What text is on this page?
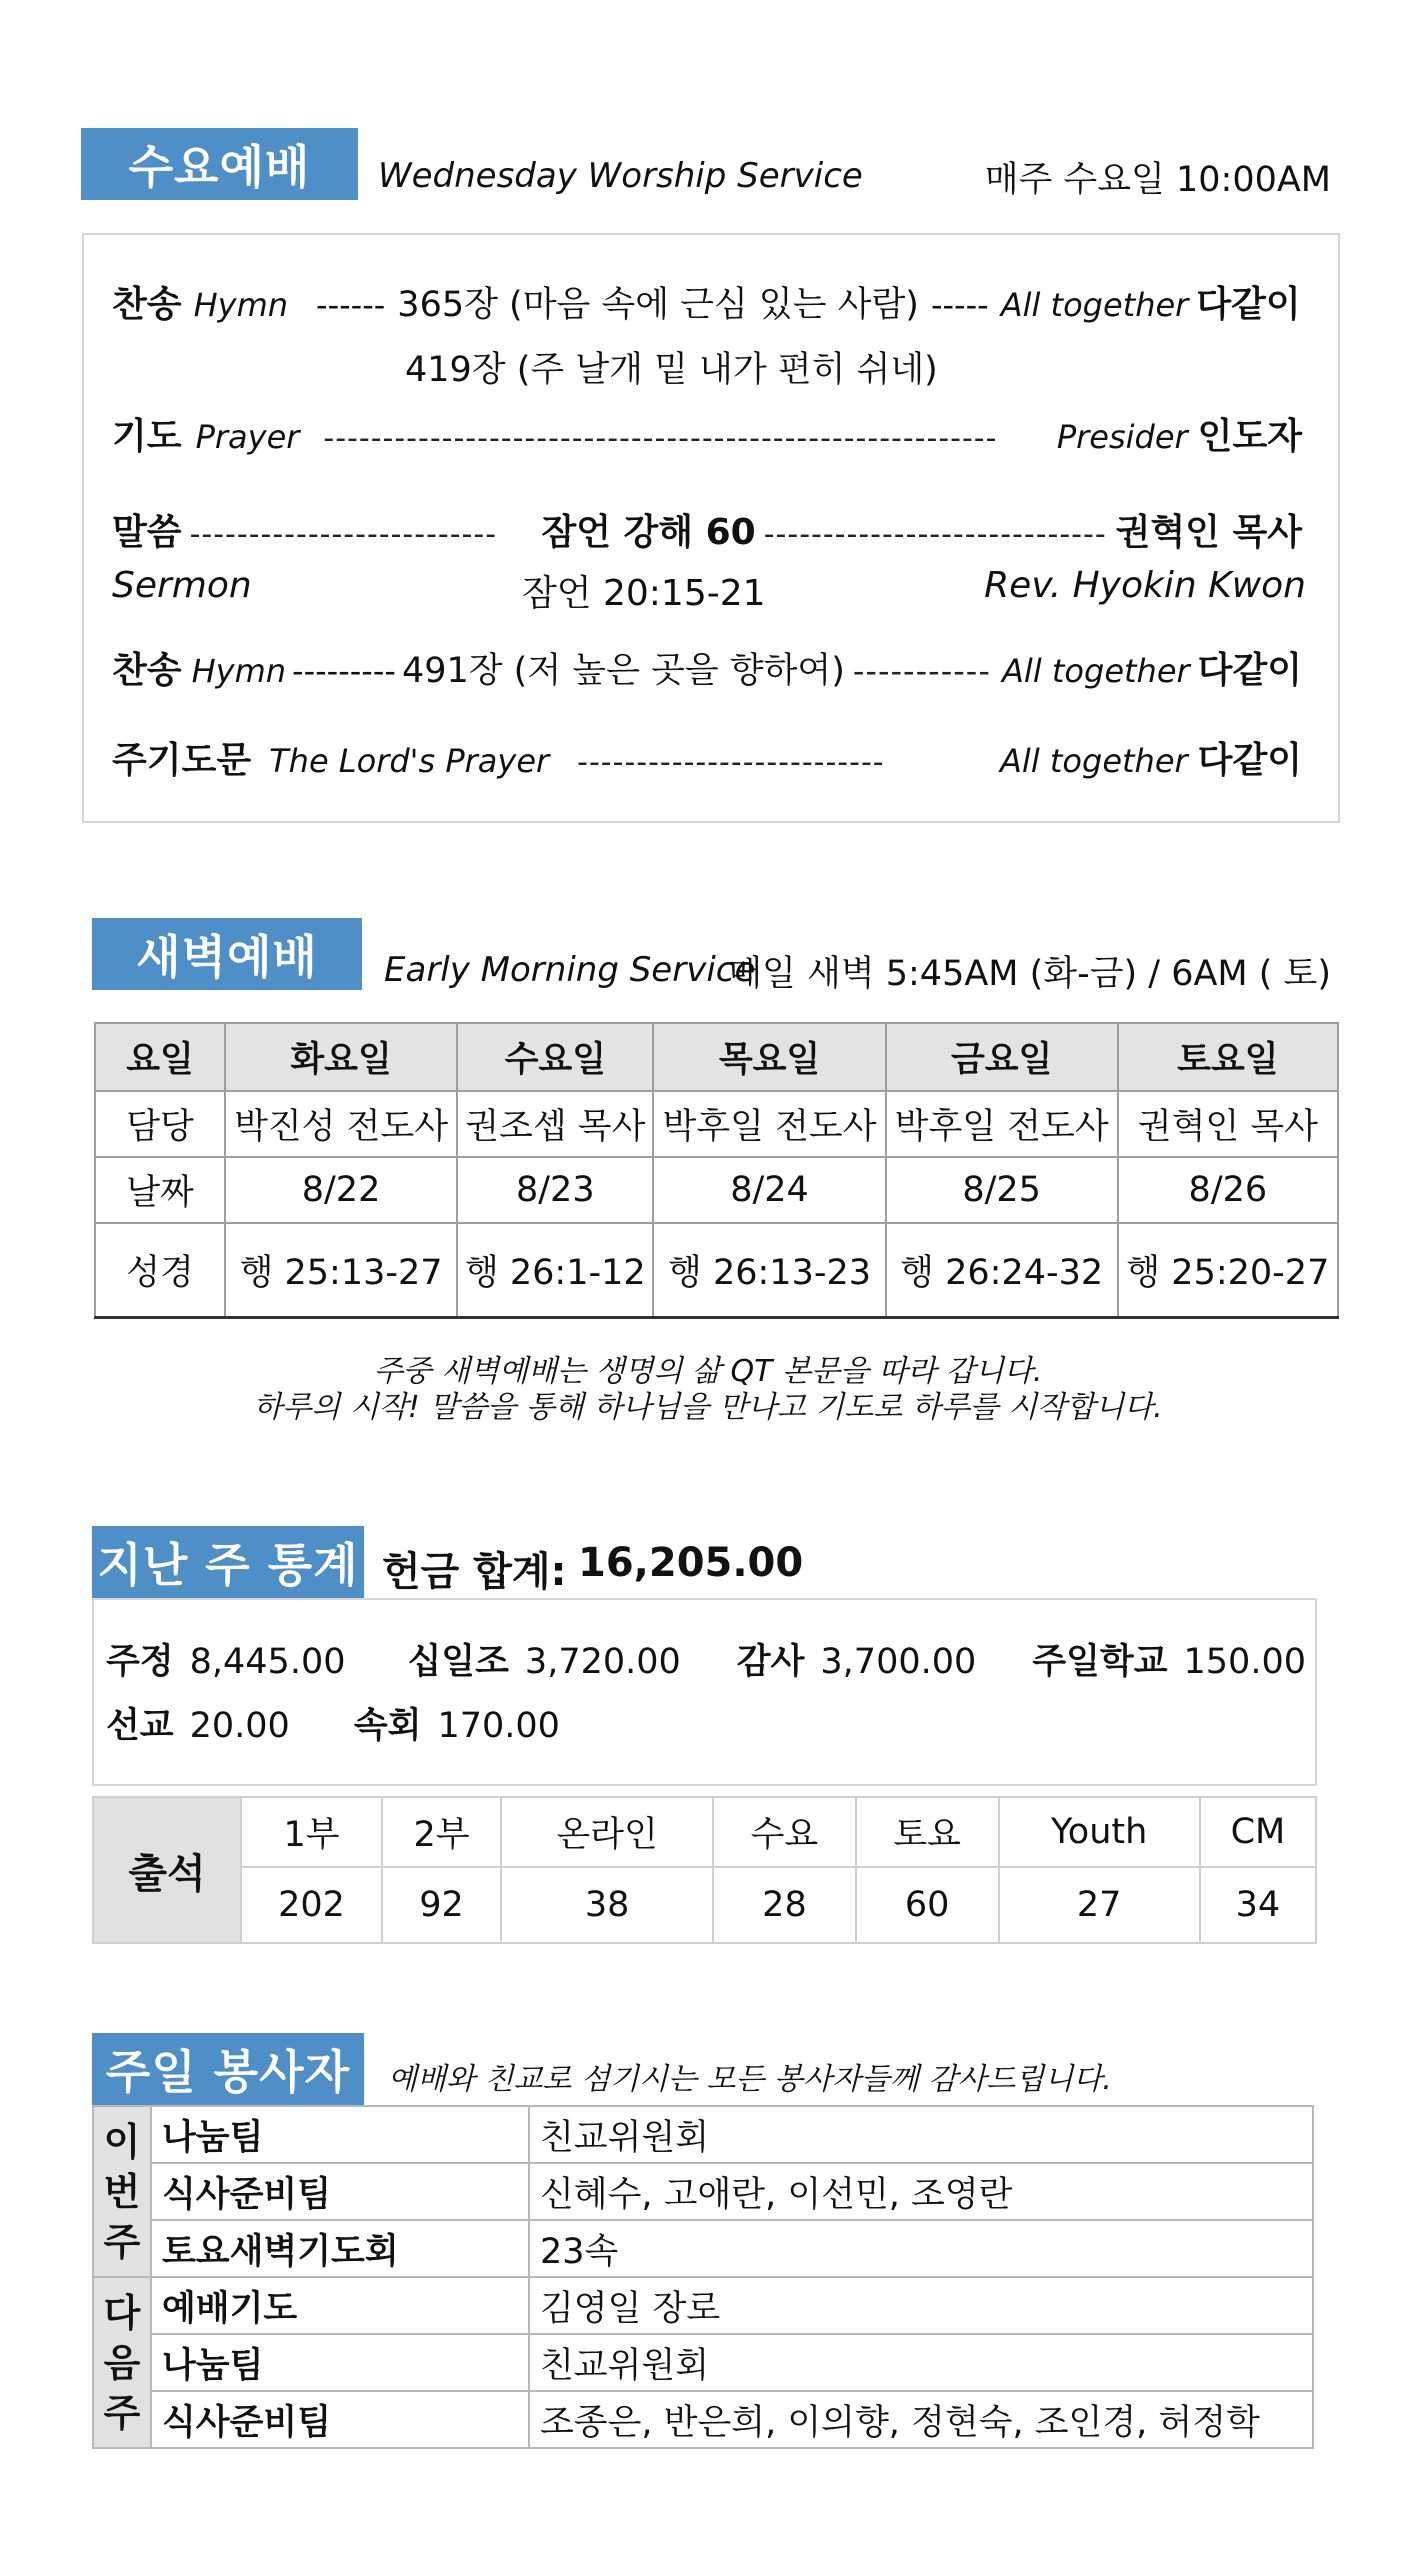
수요예배	Wednesday Worship Service	매주 수요일 10:00AM
찬송 Hymn ------ 365장 (마음 속에 근심 있는 사람) ----- All together 다같이
419장 (주 날개 밑 내가 편히 쉬네)
기도 Prayer ---------------------------------------------------------	Presider 인도자
말씀 --------------------------	잠언 강해 60 ----------------------------- 권혁인 목사
Sermon	잠언 20:15-21	Rev. Hyokin Kwon
찬송 Hymn --------- 491장 (저 높은 곳을 향하여) ----------- All together 다같이
주기도문 The Lord's Prayer --------------------------	All together 다같이
새벽예배	Early Morning Service
매일 새벽 5:45AM (화-금) / 6AM ( 토)
요일	화요일	수요일	목요일	금요일	토요일
담당	박진성 전도사	권조셉 목사	박후일 전도사	박후일 전도사	권혁인 목사
날짜	8/22	8/23	8/24	8/25	8/26
성경	행 25:13-27	행 26:1-12	행 26:13-23	행 26:24-32	행 25:20-27
주중 새벽예배는 생명의 삶 QT 본문을 따라 갑니다.
하루의 시작! 말씀을 통해 하나님을 만나고 기도로 하루를 시작합니다.
지난 주 통계 헌금 합계: 16,205.00
주정 8,445.00 십일조 3,720.00 감사 3,700.00 주일학교 150.00
선교 20.00 속회 170.00
출석	1부	2부	온라인	수요	토요	Youth	CM
	202	92	38	28	60	27	34
주일 봉사자	예배와 친교로 섬기시는 모든 봉사자들께 감사드립니다.
이 번 주	나눔팀	친교위원회
	식사준비팀	신혜수, 고애란, 이선민, 조영란
	토요새벽기도회	23속

다 음 주	예배기도	김영일 장로
	나눔팀	친교위원회
	식사준비팀	조종은, 반은희, 이의향, 정현숙, 조인경, 허정학
